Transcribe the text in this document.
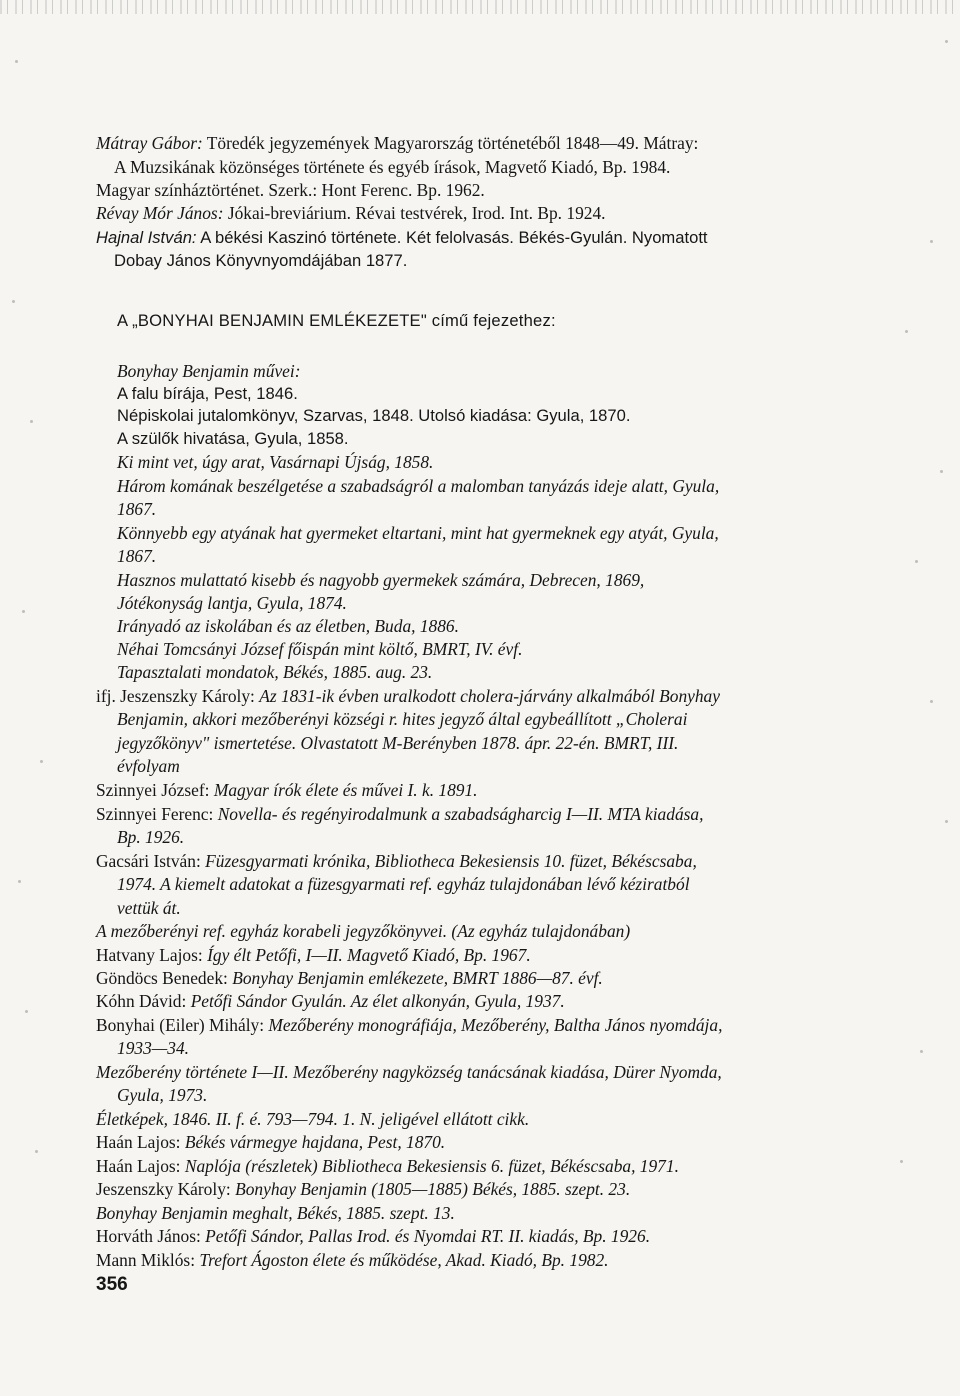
Mátray Gábor: Töredék jegyzemények Magyarország történetéből 1848—49. Mátray:
A Muzsikának közönséges története és egyéb írások, Magvető Kiadó, Bp. 1984.
Magyar színháztörténet. Szerk.: Hont Ferenc. Bp. 1962.
Révay Mór János: Jókai-breviárium. Révai testvérek, Irod. Int. Bp. 1924.
Hajnal István: A békési Kaszinó története. Két felolvasás. Békés-Gyulán. Nyomatott
Dobay János Könyvnyomdájában 1877.
A „BONYHAI BENJAMIN EMLÉKEZETE" című fejezethez:
Bonyhay Benjamin művei:
A falu bírája, Pest, 1846.
Népiskolai jutalomkönyv, Szarvas, 1848. Utolsó kiadása: Gyula, 1870.
A szülők hivatása, Gyula, 1858.
Ki mint vet, úgy arat, Vasárnapi Újság, 1858.
Három komának beszélgetése a szabadságról a malomban tanyázás ideje alatt, Gyula,
1867.
Könnyebb egy atyának hat gyermeket eltartani, mint hat gyermeknek egy atyát, Gyula,
1867.
Hasznos mulattató kisebb és nagyobb gyermekek számára, Debrecen, 1869,
Jótékonyság lantja, Gyula, 1874.
Irányadó az iskolában és az életben, Buda, 1886.
Néhai Tomcsányi József főispán mint költő, BMRT, IV. évf.
Tapasztalati mondatok, Békés, 1885. aug. 23.
ifj. Jeszenszky Károly: Az 1831-ik évben uralkodott cholera-járvány alkalmából Bonyhay
Benjamin, akkori mezőberényi községi r. hites jegyző által egybeállított „Cholerai
jegyzőkönyv" ismertetése. Olvastatott M-Berényben 1878. ápr. 22-én. BMRT, III.
évfolyam
Szinnyei József: Magyar írók élete és művei I. k. 1891.
Szinnyei Ferenc: Novella- és regényirodalmunk a szabadságharcig I—II. MTA kiadása,
Bp. 1926.
Gacsári István: Füzesgyarmati krónika, Bibliotheca Bekesiensis 10. füzet, Békéscsaba,
1974. A kiemelt adatokat a füzesgyarmati ref. egyház tulajdonában lévő kéziratból
vettük át.
A mezőberényi ref. egyház korabeli jegyzőkönyvei. (Az egyház tulajdonában)
Hatvany Lajos: Így élt Petőfi, I—II. Magvető Kiadó, Bp. 1967.
Göndöcs Benedek: Bonyhay Benjamin emlékezete, BMRT 1886—87. évf.
Kóhn Dávid: Petőfi Sándor Gyulán. Az élet alkonyán, Gyula, 1937.
Bonyhai (Eiler) Mihály: Mezőberény monográfiája, Mezőberény, Baltha János nyomdája,
1933—34.
Mezőberény története I—II. Mezőberény nagyközség tanácsának kiadása, Dürer Nyomda,
Gyula, 1973.
Életképek, 1846. II. f. é. 793—794. 1. N. jeligével ellátott cikk.
Haán Lajos: Békés vármegye hajdana, Pest, 1870.
Haán Lajos: Naplója (részletek) Bibliotheca Bekesiensis 6. füzet, Békéscsaba, 1971.
Jeszenszky Károly: Bonyhay Benjamin (1805—1885) Békés, 1885. szept. 23.
Bonyhay Benjamin meghalt, Békés, 1885. szept. 13.
Horváth János: Petőfi Sándor, Pallas Irod. és Nyomdai RT. II. kiadás, Bp. 1926.
Mann Miklós: Trefort Ágoston élete és működése, Akad. Kiadó, Bp. 1982.
356
